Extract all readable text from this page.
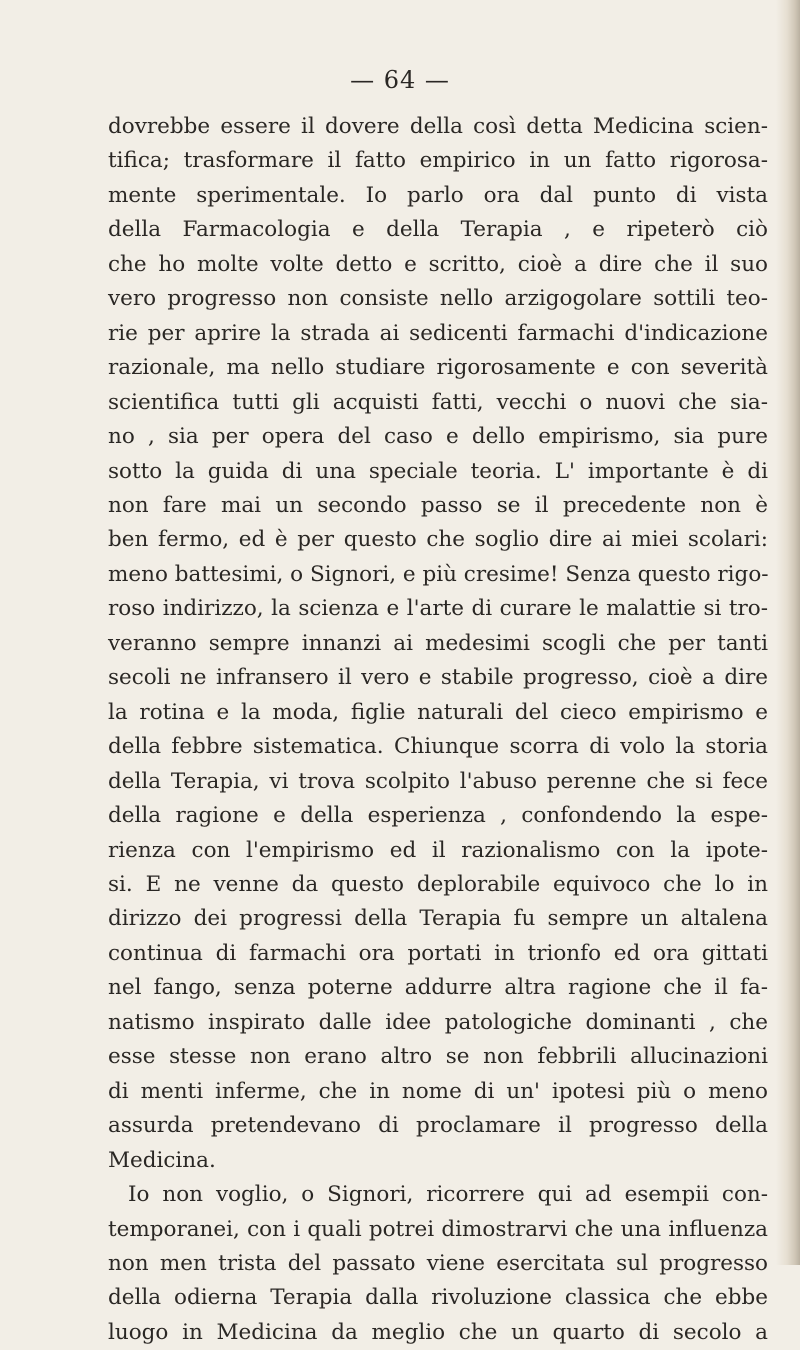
— 64 —
dovrebbe essere il dovere della così detta Medicina scien-
tifica; trasformare il fatto empirico in un fatto rigorosa-
mente sperimentale. Io parlo ora dal punto di vista
della Farmacologia e della Terapia , e ripeterò ciò
che ho molte volte detto e scritto, cioè a dire che il suo
vero progresso non consiste nello arzigogolare sottili teo-
rie per aprire la strada ai sedicenti farmachi d'indicazione
razionale, ma nello studiare rigorosamente e con severità
scientifica tutti gli acquisti fatti, vecchi o nuovi che sia-
no , sia per opera del caso e dello empirismo, sia pure
sotto la guida di una speciale teoria. L' importante è di
non fare mai un secondo passo se il precedente non è
ben fermo, ed è per questo che soglio dire ai miei scolari:
meno battesimi, o Signori, e più cresime! Senza questo rigo-
roso indirizzo, la scienza e l'arte di curare le malattie si tro-
veranno sempre innanzi ai medesimi scogli che per tanti
secoli ne infransero il vero e stabile progresso, cioè a dire
la rotina e la moda, figlie naturali del cieco empirismo e
della febbre sistematica. Chiunque scorra di volo la storia
della Terapia, vi trova scolpito l'abuso perenne che si fece
della ragione e della esperienza , confondendo la espe-
rienza con l'empirismo ed il razionalismo con la ipote-
si. E ne venne da questo deplorabile equivoco che lo in
dirizzo dei progressi della Terapia fu sempre un altalena
continua di farmachi ora portati in trionfo ed ora gittati
nel fango, senza poterne addurre altra ragione che il fa-
natismo inspirato dalle idee patologiche dominanti , che
esse stesse non erano altro se non febbrili allucinazioni
di menti inferme, che in nome di un' ipotesi più o meno
assurda pretendevano di proclamare il progresso della
Medicina.
Io non voglio, o Signori, ricorrere qui ad esempii con-
temporanei, con i quali potrei dimostrarvi che una influenza
non men trista del passato viene esercitata sul progresso
della odierna Terapia dalla rivoluzione classica che ebbe
luogo in Medicina da meglio che un quarto di secolo a
